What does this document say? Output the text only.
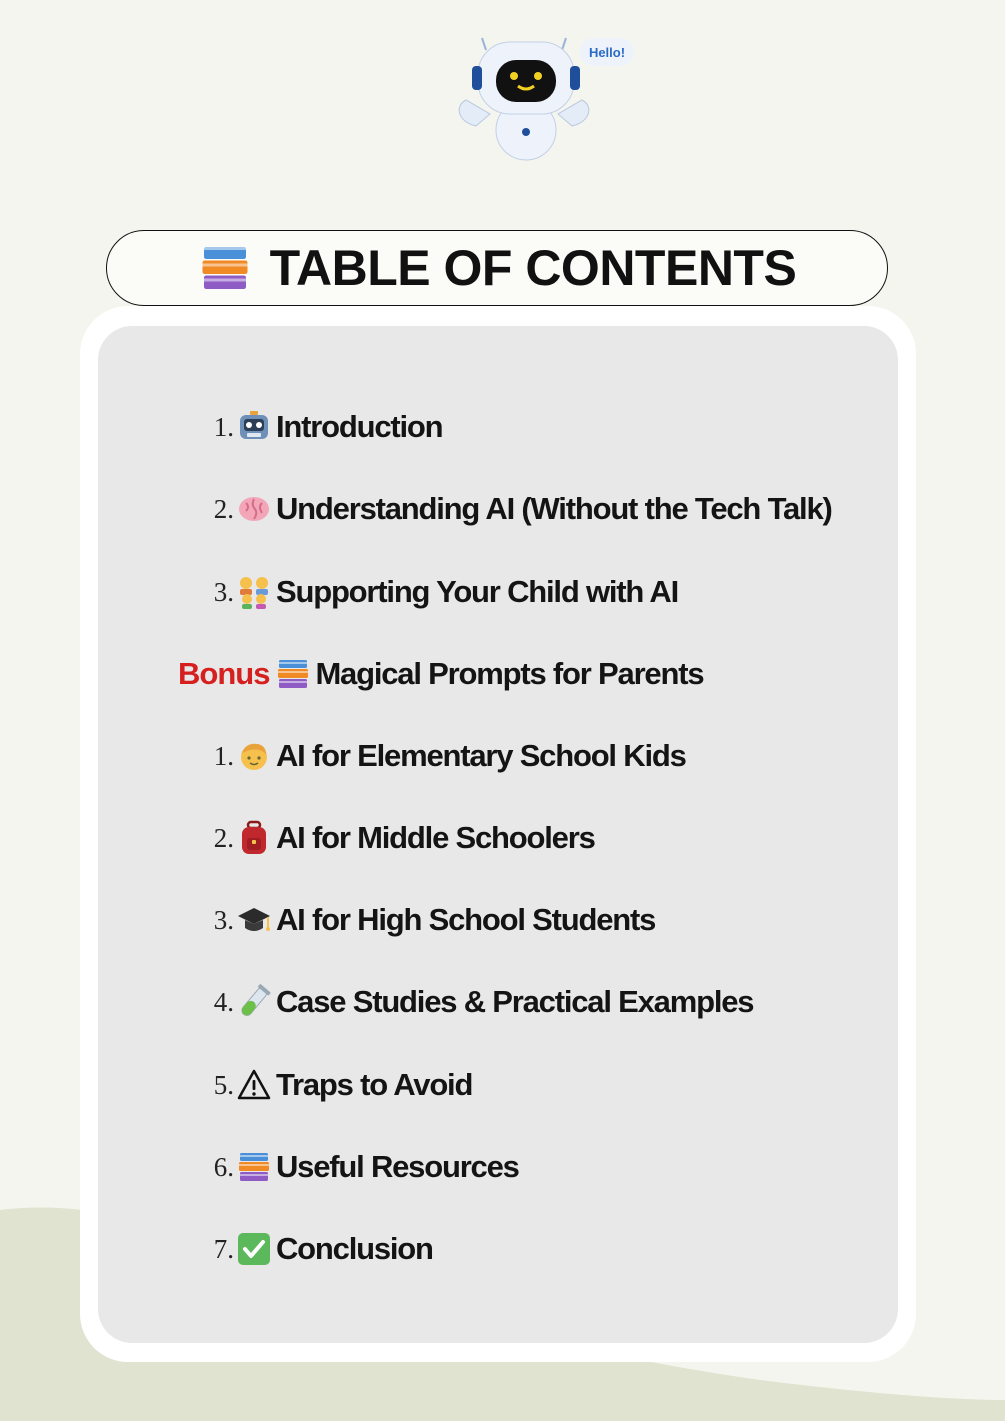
Hello!
TABLE OF CONTENTS
1. Introduction
2. Understanding AI (Without the Tech Talk)
3. Supporting Your Child with AI
Bonus Magical Prompts for Parents
1. AI for Elementary School Kids
2. AI for Middle Schoolers
3. AI for High School Students
4. Case Studies & Practical Examples
5. Traps to Avoid
6. Useful Resources
7. Conclusion
